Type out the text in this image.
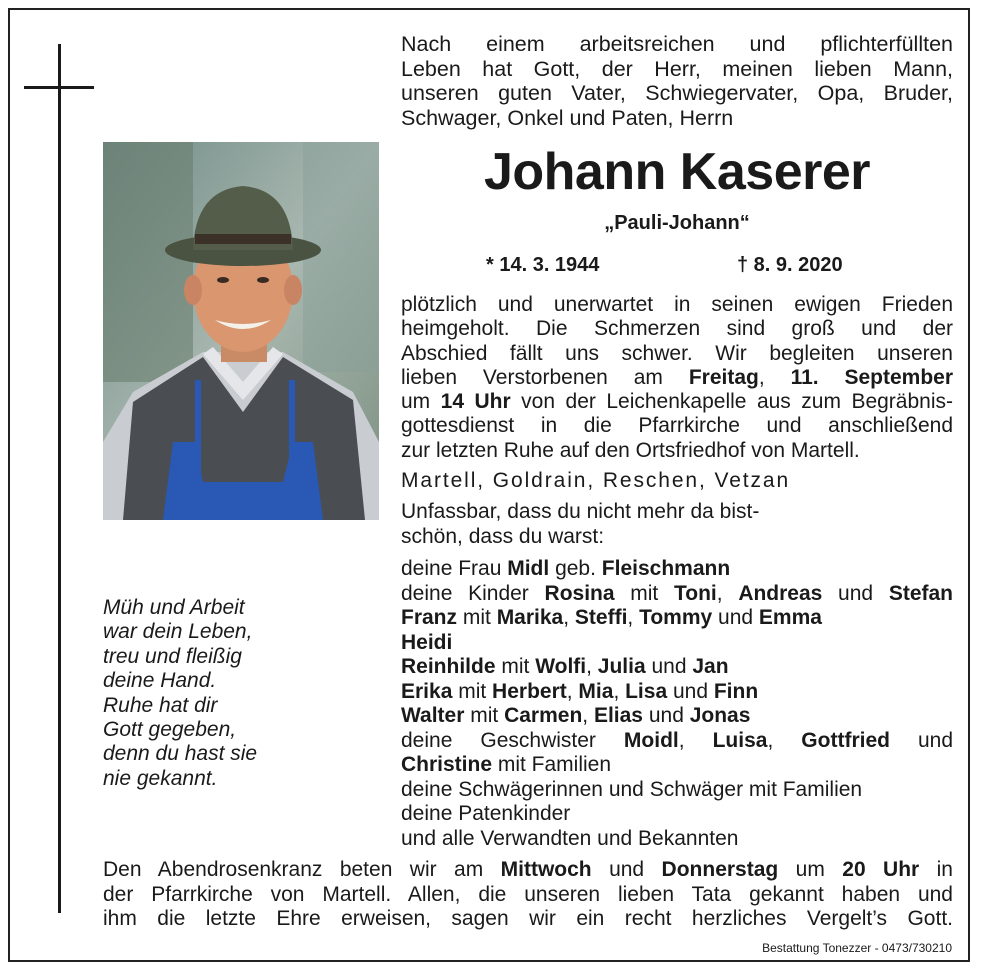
Nach einem arbeitsreichen und pflichterfüllten
Leben hat Gott, der Herr, meinen lieben Mann,
unseren guten Vater, Schwiegervater, Opa, Bruder,
Schwager, Onkel und Paten, Herrn
Johann Kaserer
„Pauli-Johann“
* 14. 3. 1944	† 8. 9. 2020
plötzlich und unerwartet in seinen ewigen Frieden
heimgeholt. Die Schmerzen sind groß und der
Abschied fällt uns schwer. Wir begleiten unseren
lieben Verstorbenen am Freitag, 11. September
um 14 Uhr von der Leichenkapelle aus zum Begräbnis-
gottesdienst in die Pfarrkirche und anschließend
zur letzten Ruhe auf den Ortsfriedhof von Martell.
Martell, Goldrain, Reschen, Vetzan
Unfassbar, dass du nicht mehr da bist-
schön, dass du warst:
deine Frau Midl geb. Fleischmann
deine Kinder Rosina mit Toni, Andreas und Stefan
Franz mit Marika, Steffi, Tommy und Emma
Heidi
Reinhilde mit Wolfi, Julia und Jan
Erika mit Herbert, Mia, Lisa und Finn
Walter mit Carmen, Elias und Jonas
deine Geschwister Moidl, Luisa, Gottfried und
Christine mit Familien
deine Schwägerinnen und Schwäger mit Familien
deine Patenkinder
und alle Verwandten und Bekannten
Müh und Arbeit
war dein Leben,
treu und fleißig
deine Hand.
Ruhe hat dir
Gott gegeben,
denn du hast sie
nie gekannt.
Den Abendrosenkranz beten wir am Mittwoch und Donnerstag um 20 Uhr in
der Pfarrkirche von Martell. Allen, die unseren lieben Tata gekannt haben und
ihm die letzte Ehre erweisen, sagen wir ein recht herzliches Vergelt’s Gott.
Bestattung Tonezzer - 0473/730210
